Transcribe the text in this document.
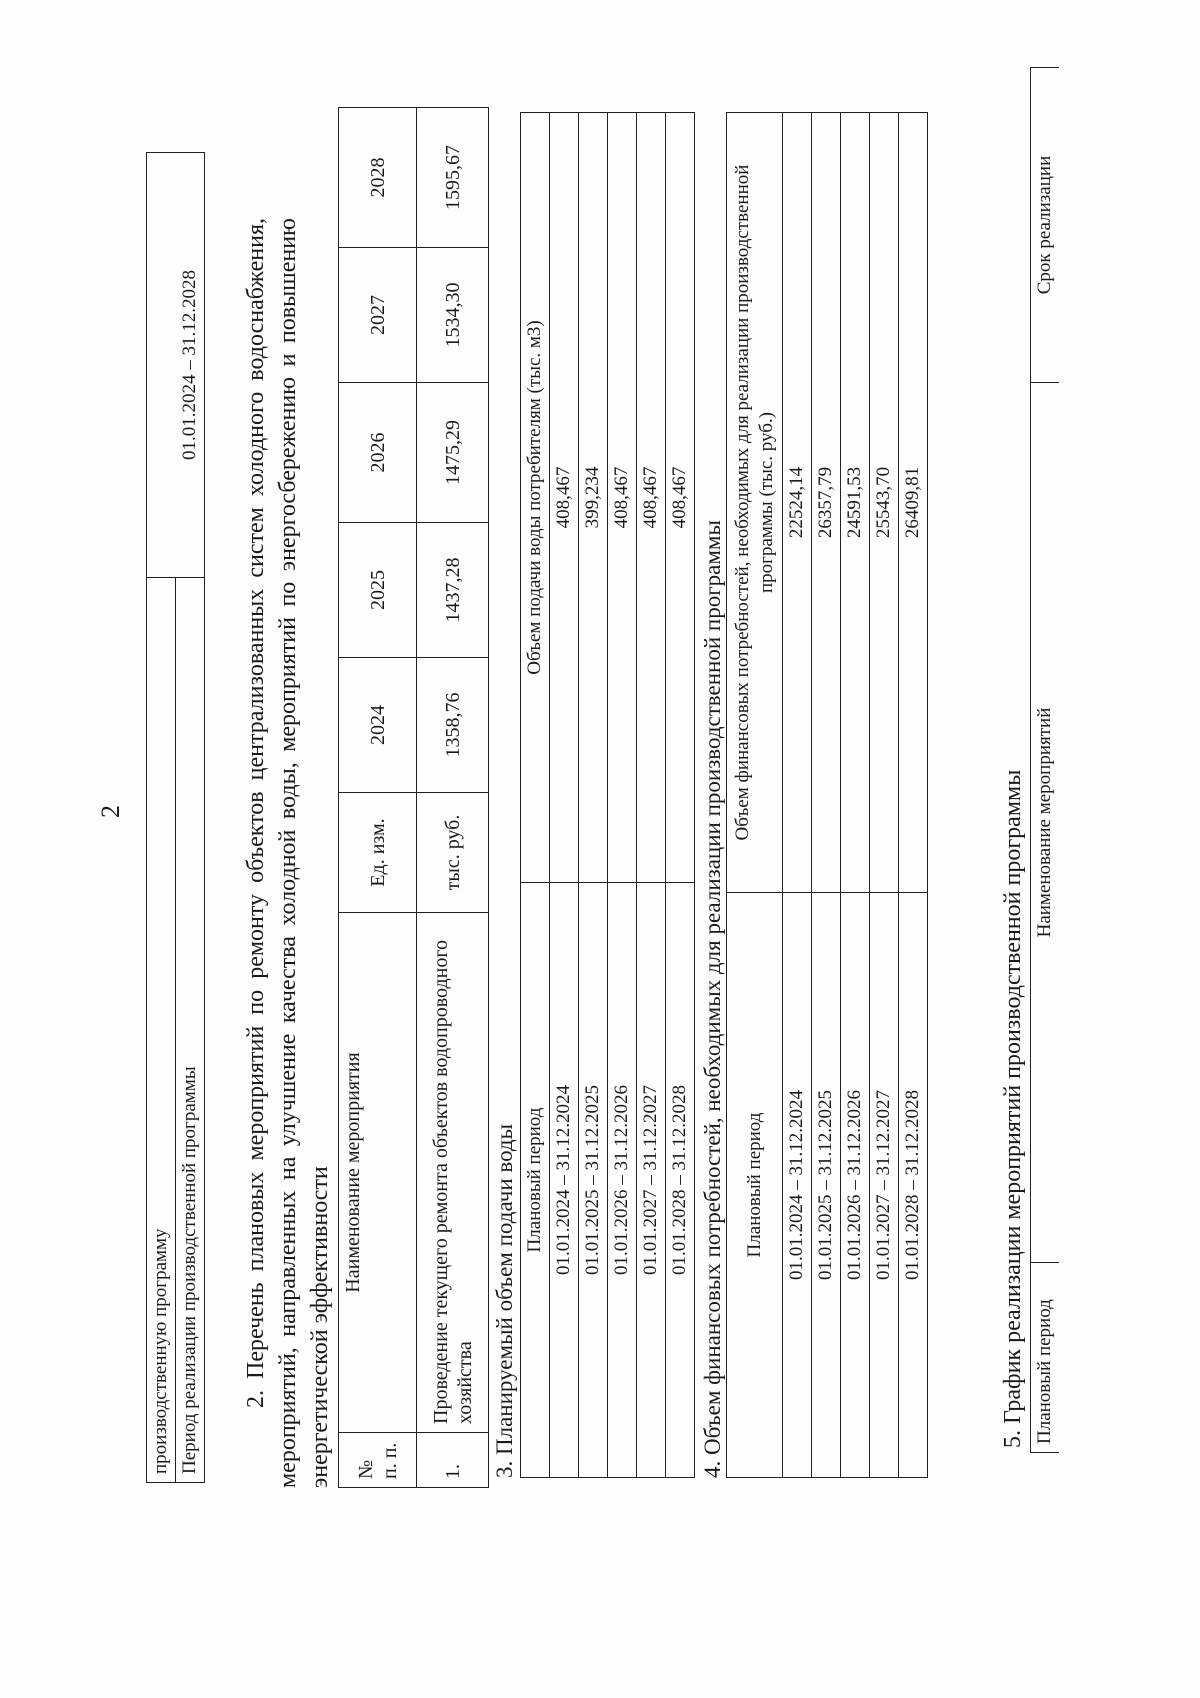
2
производственную программу	
Период реализации производственной программы	01.01.2024 – 31.12.2028 2. Перечень плановых мероприятий по ремонту объектов централизованных систем холодного водоснабжения, мероприятий, направленных на улучшение качества холодной воды, мероприятий по энергосбережению и повышению энергетической эффективности № п. п.	Наименование мероприятия	Ед. изм.	2024	2025	2026	2027	2028
1.	Проведение текущего ремонта объектов водопроводного хозяйства	тыс. руб.	1358,76	1437,28	1475,29	1534,30	1595,67
3. Планируемый объем подачи воды Плановый период	Объем подачи воды потребителям (тыс. м3)
01.01.2024 – 31.12.2024	408,467
01.01.2025 – 31.12.2025	399,234
01.01.2026 – 31.12.2026	408,467
01.01.2027 – 31.12.2027	408,467
01.01.2028 – 31.12.2028	408,467
4. Объем финансовых потребностей, необходимых для реализации производственной программы Плановый период	Объем финансовых потребностей, необходимых для реализации производственной программы (тыс. руб.)
01.01.2024 – 31.12.2024	22524,14
01.01.2025 – 31.12.2025	26357,79
01.01.2026 – 31.12.2026	24591,53
01.01.2027 – 31.12.2027	25543,70
01.01.2028 – 31.12.2028	26409,81
5. График реализации мероприятий производственной программы Плановый период	Наименование мероприятий	Срок реализации
